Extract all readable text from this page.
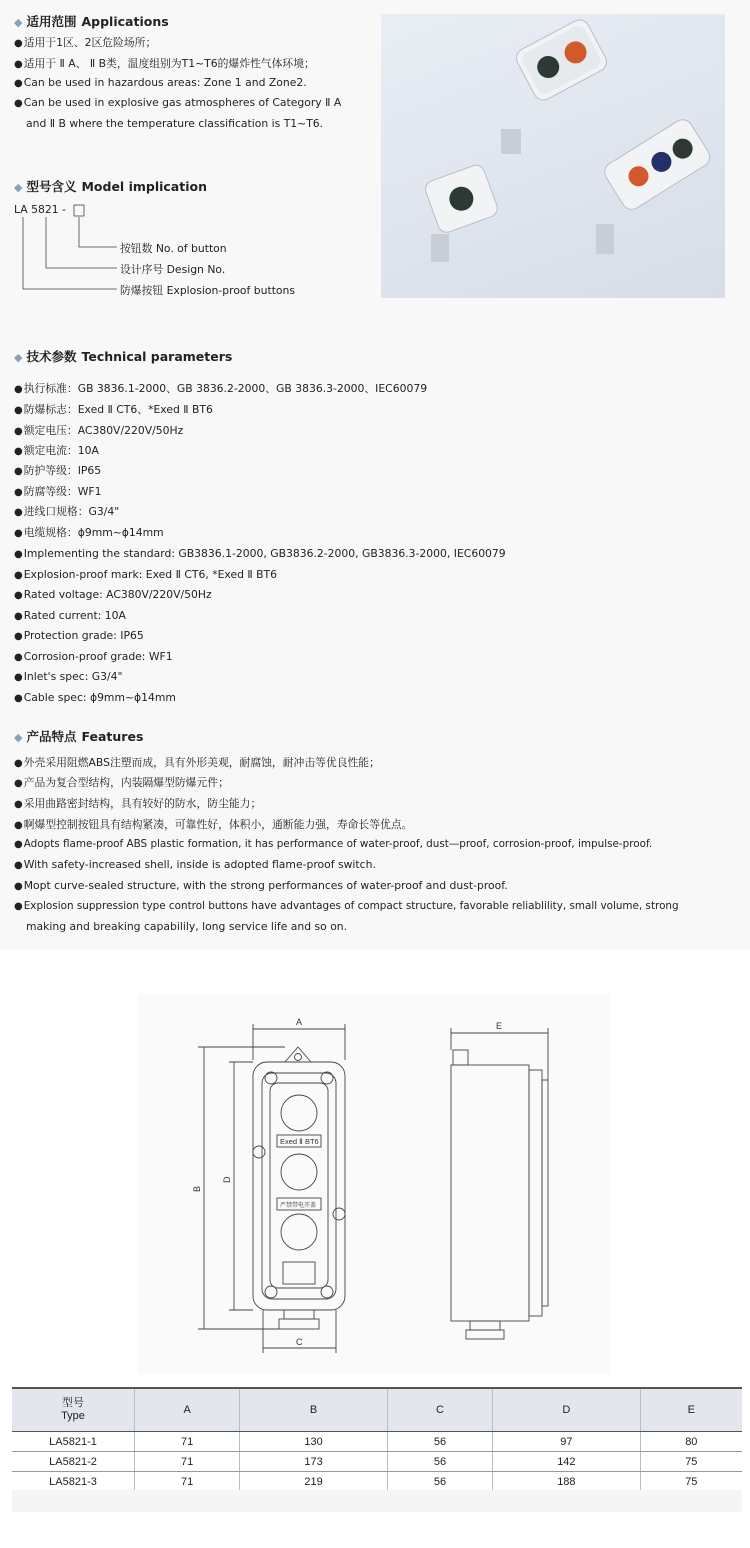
◆ 适用范围 Applications
●适用于1区、2区危险场所；
●适用于 Ⅱ A、 Ⅱ B类，温度组别为T1~T6的爆炸性气体环境；
●Can be used in hazardous areas: Zone 1 and Zone2.
●Can be used in explosive gas atmospheres of Category Ⅱ A
and Ⅱ B where the temperature classification is T1~T6.
◆ 型号含义 Model implication
LA 5821 -
按钮数 No. of button
设计序号 Design No.
防爆按钮 Explosion-proof buttons
◆ 技术参数 Technical parameters
●执行标准：GB 3836.1-2000、GB 3836.2-2000、GB 3836.3-2000、IEC60079
●防爆标志：Exed Ⅱ CT6、*Exed Ⅱ BT6
●额定电压：AC380V/220V/50Hz
●额定电流：10A
●防护等级：IP65
●防腐等级：WF1
●进线口规格：G3/4"
●电缆规格：ϕ9mm~ϕ14mm
●Implementing the standard: GB3836.1-2000, GB3836.2-2000, GB3836.3-2000, IEC60079
●Explosion-proof mark: Exed Ⅱ CT6, *Exed Ⅱ BT6
●Rated voltage: AC380V/220V/50Hz
●Rated current: 10A
●Protection grade: IP65
●Corrosion-proof grade: WF1
●Inlet's spec: G3/4"
●Cable spec: ϕ9mm~ϕ14mm
◆ 产品特点 Features
●外壳采用阻燃ABS注塑而成，具有外形美观，耐腐蚀，耐冲击等优良性能；
●产品为复合型结构，内装隔爆型防爆元件；
●采用曲路密封结构，具有较好的防水，防尘能力；
●啊爆型控制按钮具有结构紧凑，可靠性好，体积小，通断能力强，寿命长等优点。
●Adopts flame-proof ABS plastic formation, it has performance of water-proof, dust—proof, corrosion-proof, impulse-proof.
●With safety-increased shell, inside is adopted flame-proof switch.
●Mopt curve-sealed structure, with the strong performances of water-proof and dust-proof.
●Explosion suppression type control buttons have advantages of compact structure, favorable reliablility, small volume, strong
making and breaking capabilily, long service life and so on.
A
B
C
D
E
Exed Ⅱ BT6
严禁带电开盖
型号
Type	A	B	C	D	E
LA5821-1	71	130	56	97	80
LA5821-2	71	173	56	142	75
LA5821-3	71	219	56	188	75
